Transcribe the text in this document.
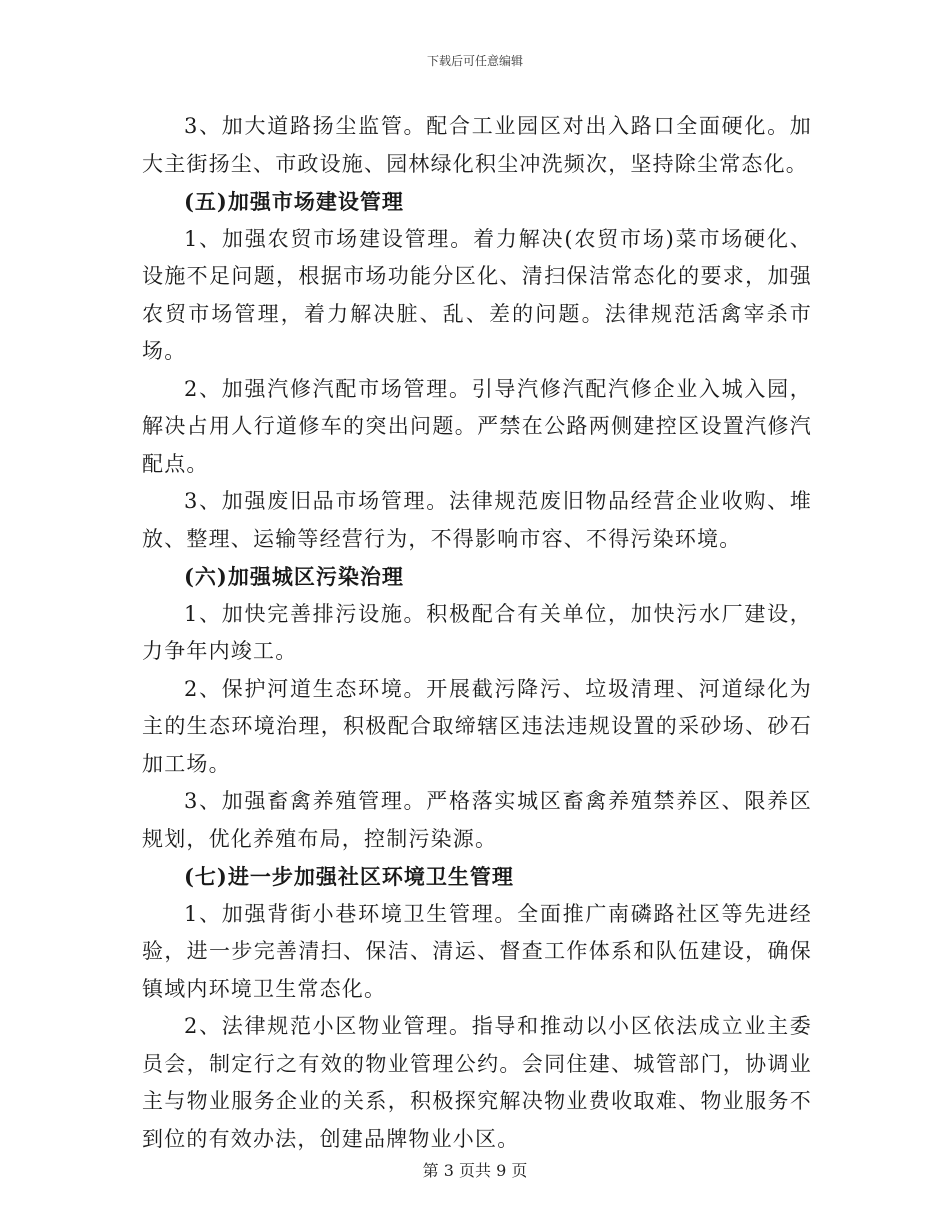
下载后可任意编辑

3、加大道路扬尘监管。配合工业园区对出入路口全面硬化。加大主街扬尘、市政设施、园林绿化积尘冲洗频次，坚持除尘常态化。

(五)加强市场建设管理

1、加强农贸市场建设管理。着力解决(农贸市场)菜市场硬化、设施不足问题，根据市场功能分区化、清扫保洁常态化的要求，加强农贸市场管理，着力解决脏、乱、差的问题。法律规范活禽宰杀市场。

2、加强汽修汽配市场管理。引导汽修汽配汽修企业入城入园，解决占用人行道修车的突出问题。严禁在公路两侧建控区设置汽修汽配点。

3、加强废旧品市场管理。法律规范废旧物品经营企业收购、堆放、整理、运输等经营行为，不得影响市容、不得污染环境。

(六)加强城区污染治理

1、加快完善排污设施。积极配合有关单位，加快污水厂建设，力争年内竣工。

2、保护河道生态环境。开展截污降污、垃圾清理、河道绿化为主的生态环境治理，积极配合取缔辖区违法违规设置的采砂场、砂石加工场。

3、加强畜禽养殖管理。严格落实城区畜禽养殖禁养区、限养区规划，优化养殖布局，控制污染源。

(七)进一步加强社区环境卫生管理

1、加强背街小巷环境卫生管理。全面推广南磷路社区等先进经验，进一步完善清扫、保洁、清运、督查工作体系和队伍建设，确保镇域内环境卫生常态化。

2、法律规范小区物业管理。指导和推动以小区依法成立业主委员会，制定行之有效的物业管理公约。会同住建、城管部门，协调业主与物业服务企业的关系，积极探究解决物业费收取难、物业服务不到位的有效办法，创建品牌物业小区。

第 3 页共 9 页
